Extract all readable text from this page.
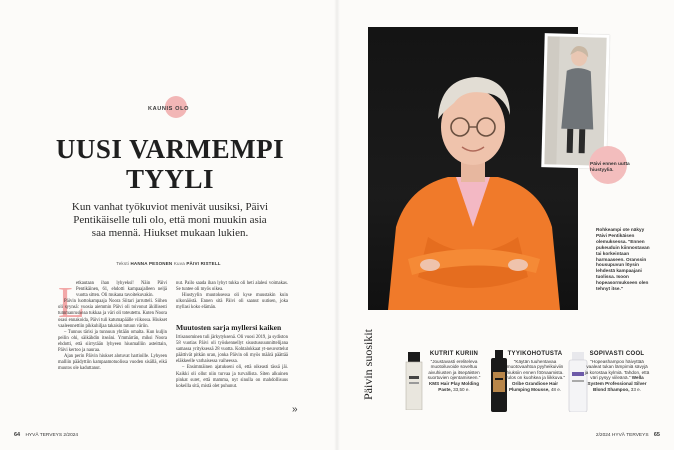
KAUNIS OLO
UUSI VARMEMPI TYYLI

Kun vanhat työkuviot menivät uusiksi, Päivi Pentikäiselle tuli olo, että moni muukin asia saa mennä. Hiukset mukaan lukien.

Teksti HANNA PESONEN Kuva PÄIVI RISTELL
L
etkautaan ihan lyhyeksi! Näin Päivi Pentikäinen, 61, ehdotti kampaajalleen neljä vuotta sitten. Oli mukana tavoitekuvakin.
Päivin luottokampaaja Noora Siitari jarrutteli. Siihen oli syynsä: vuosia aiemmin Päivi oli toivonut äkillisesti tummanruskeaa tukkaa ja väri oli toteutettu. Kuten Noora osasi ennakoida, Päivi tuli katumapäälle viikossa. Hiukset vaaleennettiin pikkuhiljaa takaisin tutuun väriin.
– Tunnus tärisi ja tunnuun yhtään omalta. Kun kuljin peilin ohi, säikähdin itseäni. Ymmärrän, miksi Noora ehdotti, että siirrytään lyhyeen hiusmalliin asteittain, Päivi kertoo ja nauraa.
Ajan perin Päivin hiukset alotuvat hartioille. Lyhyeen malliin päädyttiin kampaamotuolissa vuoden sisällä, eikä muutos ole kaduttanut.
nut. Pailo saada ihan lyhyt tukka oli heti alalesi voimakas. Se tuntee oli myös oikea.
Hiustyylin muutoksessa oli kyse muustakin kuin ulkonäöstä. Ennen sitä Päivi oli saanut uutisen, joka myllasi koko elämän.
Muutosten sarja myllersi kaiken
Irtisanominen tuli järkytyksenä. Oli vuosi 2019, ja sydiston 58 vuotias Päivi oli työskennellyt sisustussuunnittelijana samassa yrityksessä 28 vuotta. Kohtalokkaat yt-neuvottelut päättivät pitkän uran, jonka Päivin oli myös määrä päättää eläkkeelle varhaisessa vaiheessa.
– Ensimmäinen ajatukseni oli, että oikeasti tässä jäi. Kaikki oli ollut niin turvaa ja turvallista. Siten alkuinen pinkat suret, että mamma, nyt sinulla on mahdollisuus kokeilla sitä, mistä olet puhunut.
»
64 HYVÄ TERVEYS 2/2024
Päivi ennen uutta hiustyyliä.
Rohkeampi ote näkyy Päivi Pentikäisen olemuksessa. "Ennen pukeuduin kiinnostavan tai korkeintaan harmaaseen. Oranssin housupuvun löysin lehdestä kampaajani tuolissa. Isoon hopeasormukseen olen tehnyt itse."
Päivin suosikit	KUTRIT KURIIN
"Joustavasti ereliteleva muotoiluvoide soveltuu aivuhiusten ja itsepäisten suortuvien ojentamiseen." KMS Hair Play Molding Paste, 33,50 e.
TYYIKOHOTUSTA
"Käytän tuuhentavaa muotovaahtoa pyyheikuiviin hiuksiin ennen föönaamista. Tulos on kuohkea ja liikkuva." Oribe Grandiose Hair Plumping Mousse, 48 e.
SOPIVASTI COOL
"Hopeashampoo häivyttää vaaleat tukan lämpimiä sävyjä ja korostaa kylmiä. Tahdon, että väri pysyy viileänä." Wella System Professional Silver Blond Shampoo, 33 e.
2/2024 HYVÄ TERVEYS 65
